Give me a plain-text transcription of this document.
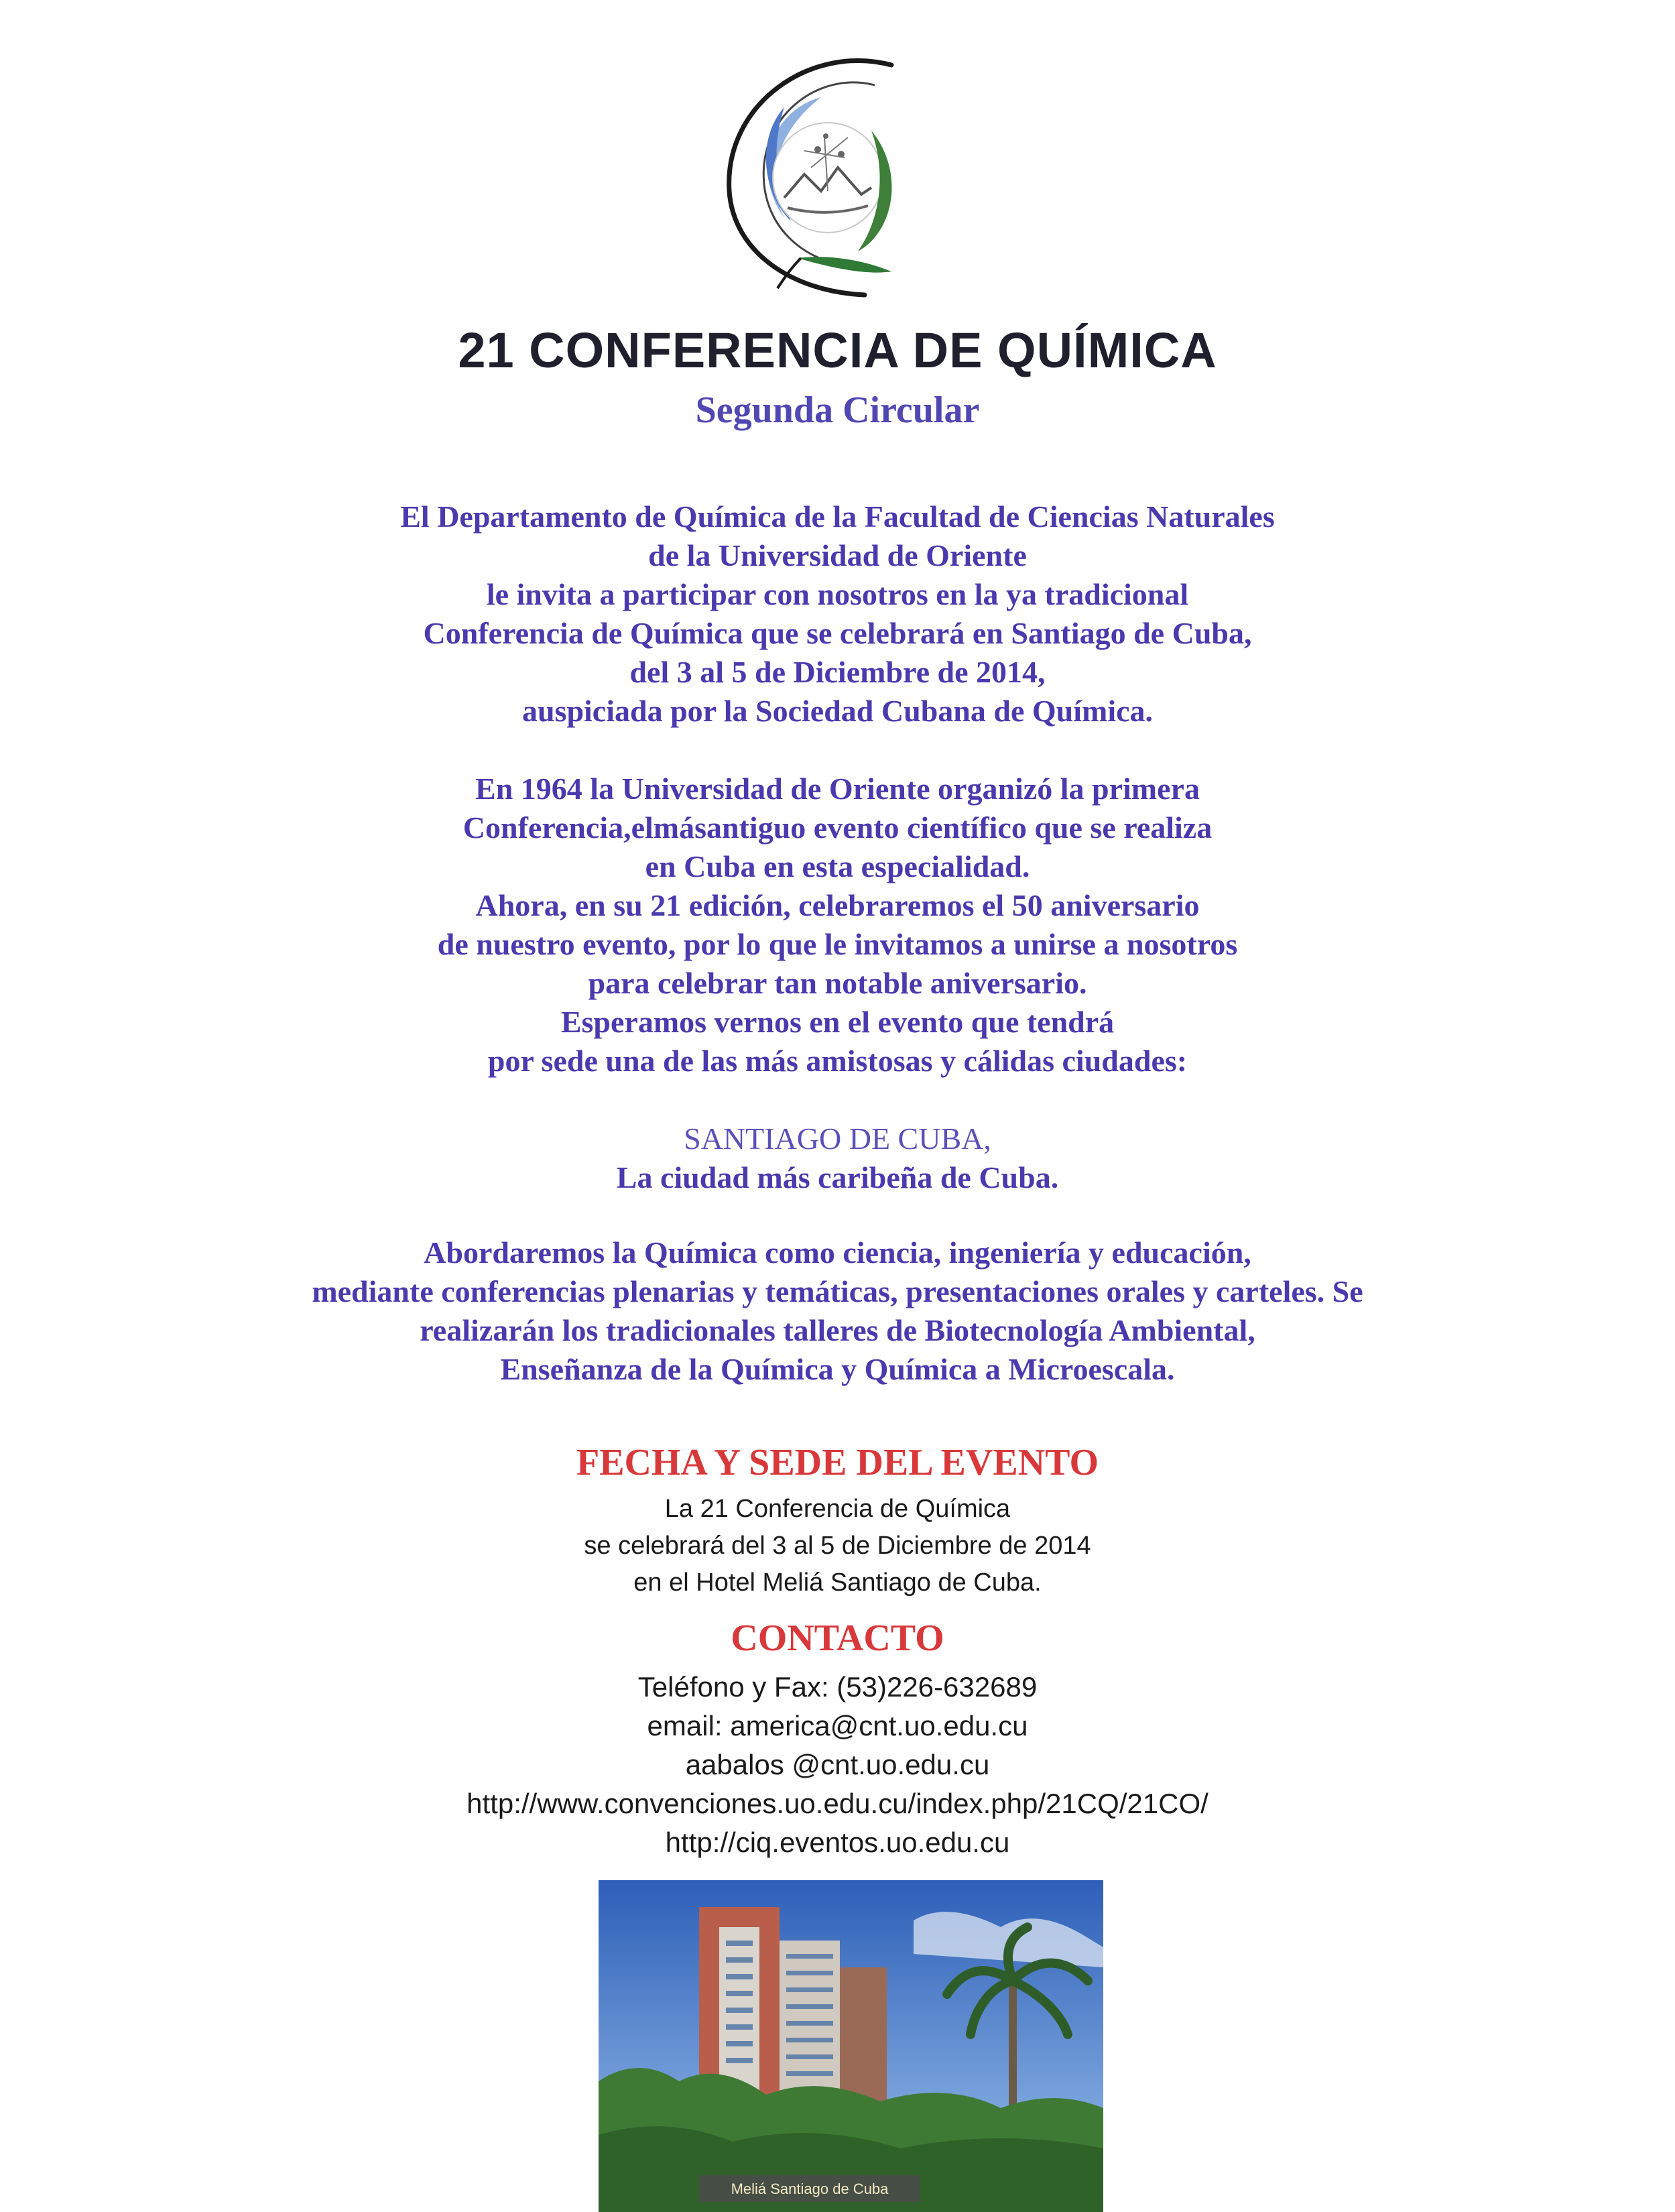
21 CONFERENCIA DE QUÍMICA
Segunda Circular

El Departamento de Química de la Facultad de Ciencias Naturales
de la Universidad de Oriente
le invita a participar con nosotros en la ya tradicional
Conferencia de Química que se celebrará en Santiago de Cuba,
del 3 al 5 de Diciembre de 2014,
auspiciada por la Sociedad Cubana de Química.

En 1964 la Universidad de Oriente organizó la primera
Conferencia,elmásantiguo evento científico que se realiza
en Cuba en esta especialidad.
Ahora, en su 21 edición, celebraremos el 50 aniversario
de nuestro evento, por lo que le invitamos a unirse a nosotros
para celebrar tan notable aniversario.
Esperamos vernos en el evento que tendrá
por sede una de las más amistosas y cálidas ciudades:

SANTIAGO DE CUBA,
La ciudad más caribeña de Cuba.

Abordaremos la Química como ciencia, ingeniería y educación,
mediante conferencias plenarias y temáticas, presentaciones orales y carteles. Se
realizarán los tradicionales talleres de Biotecnología Ambiental,
Enseñanza de la Química y Química a Microescala.

FECHA Y SEDE DEL EVENTO
La 21 Conferencia de Química
se celebrará del 3 al 5 de Diciembre de 2014
en el Hotel Meliá Santiago de Cuba.
CONTACTO
Teléfono y Fax: (53)226-632689
email: america@cnt.uo.edu.cu
aabalos @cnt.uo.edu.cu
http://www.convenciones.uo.edu.cu/index.php/21CQ/21CO/
http://ciq.eventos.uo.edu.cu
Meliá Santiago de Cuba
